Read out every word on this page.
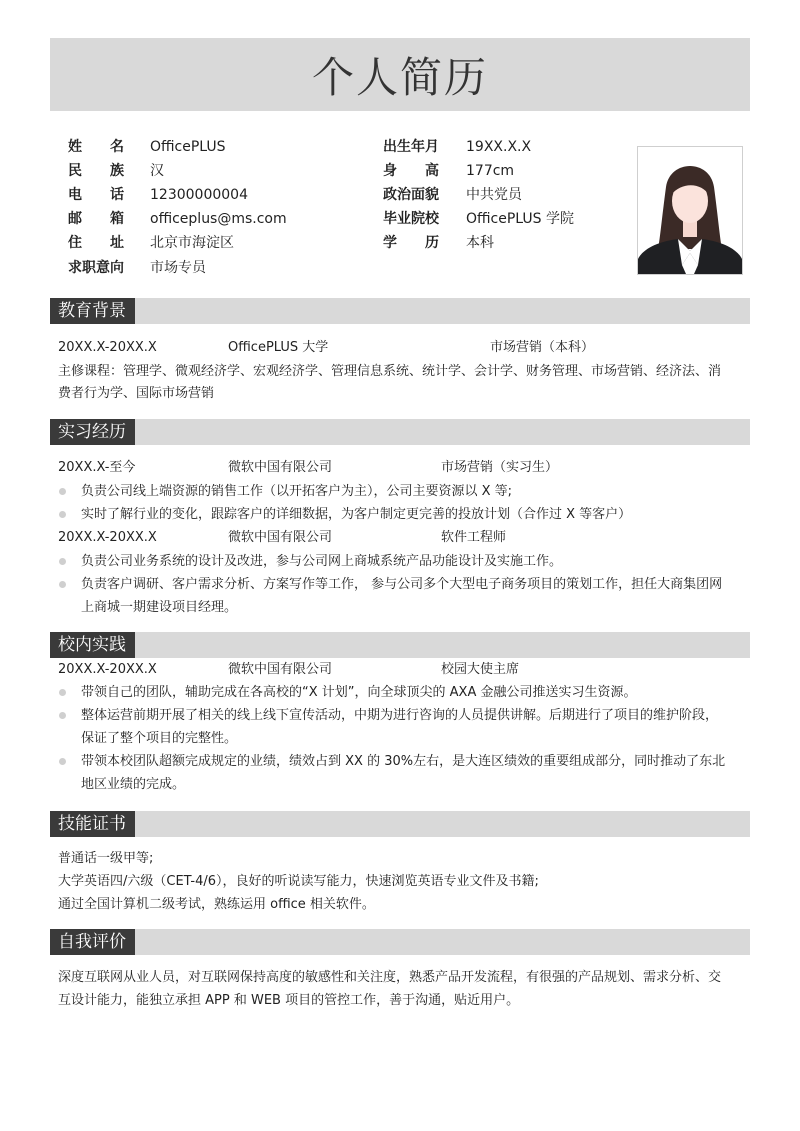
个人简历
姓 名 OfficePLUS
民 族 汉
电 话 12300000004
邮 箱 officeplus@ms.com
住 址 北京市海淀区
求职意向 市场专员
出生年月 19XX.X.X
身 高 177cm
政治面貌 中共党员
毕业院校 OfficePLUS 学院
学 历 本科
教育背景
20XX.X-20XX.X	OfficePLUS 大学	市场营销（本科）
主修课程：管理学、微观经济学、宏观经济学、管理信息系统、统计学、会计学、财务管理、市场营销、经济法、消
费者行为学、国际市场营销
实习经历
20XX.X-至今	微软中国有限公司	市场营销（实习生）
负责公司线上端资源的销售工作（以开拓客户为主），公司主要资源以 X 等;
实时了解行业的变化，跟踪客户的详细数据，为客户制定更完善的投放计划（合作过 X 等客户）
20XX.X-20XX.X	微软中国有限公司	软件工程师
负责公司业务系统的设计及改进，参与公司网上商城系统产品功能设计及实施工作。
负责客户调研、客户需求分析、方案写作等工作， 参与公司多个大型电子商务项目的策划工作，担任大商集团网
上商城一期建设项目经理。
校内实践
20XX.X-20XX.X	微软中国有限公司	校园大使主席
带领自己的团队，辅助完成在各高校的“X 计划”，向全球顶尖的 AXA 金融公司推送实习生资源。
整体运营前期开展了相关的线上线下宣传活动，中期为进行咨询的人员提供讲解。后期进行了项目的维护阶段，
保证了整个项目的完整性。
带领本校团队超额完成规定的业绩，绩效占到 XX 的 30%左右，是大连区绩效的重要组成部分，同时推动了东北
地区业绩的完成。
技能证书
普通话一级甲等;
大学英语四/六级（CET-4/6），良好的听说读写能力，快速浏览英语专业文件及书籍;
通过全国计算机二级考试，熟练运用 office 相关软件。
自我评价
深度互联网从业人员，对互联网保持高度的敏感性和关注度，熟悉产品开发流程，有很强的产品规划、需求分析、交
互设计能力，能独立承担 APP 和 WEB 项目的管控工作，善于沟通，贴近用户。
